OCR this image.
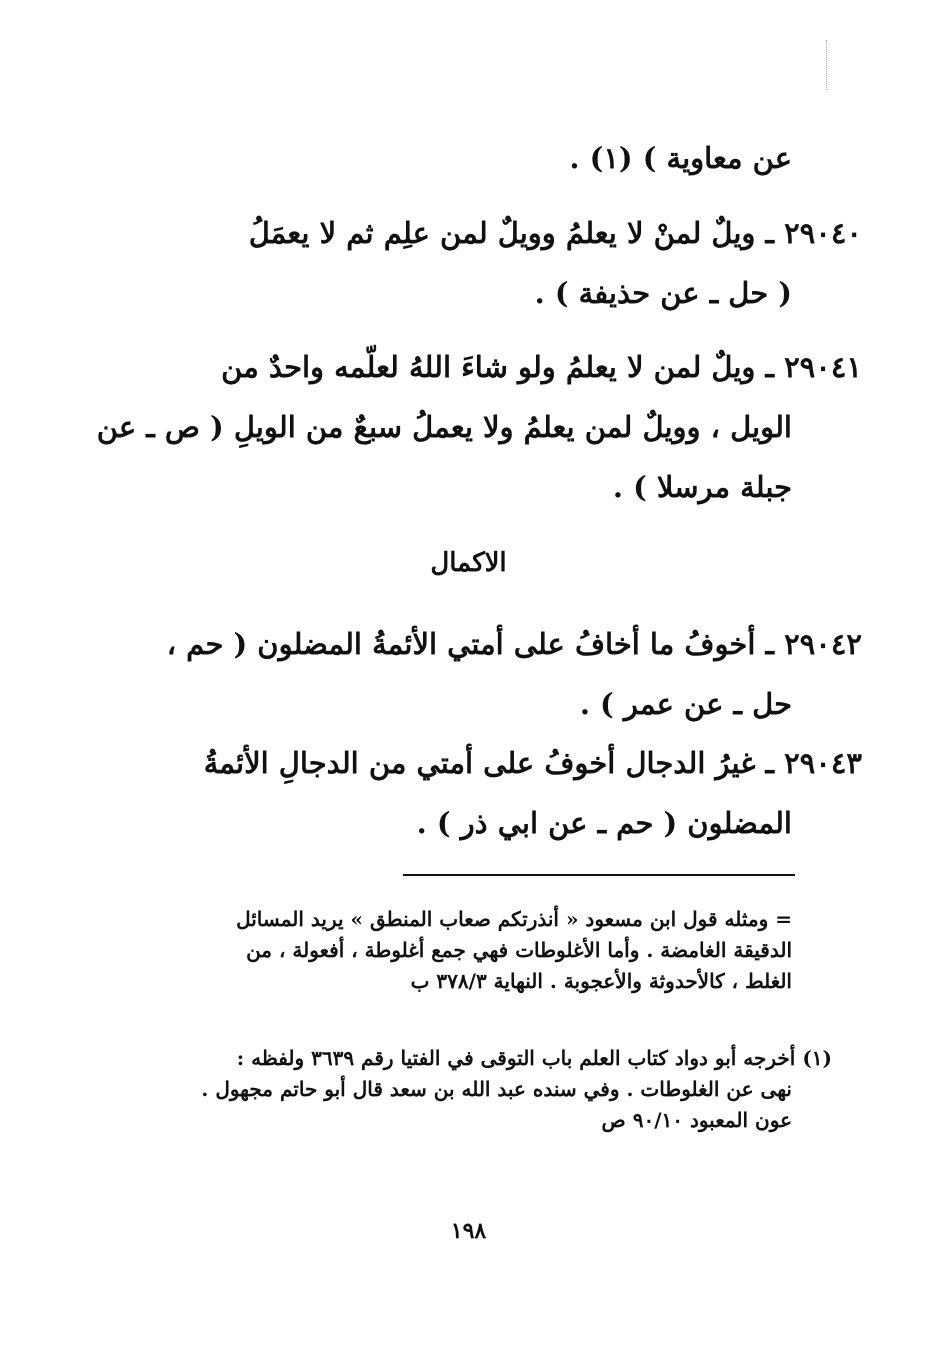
عن معاوية ) (١) .
٢٩٠٤٠ ـ ويلٌ لمنْ لا يعلمُ وويلٌ لمن علِم ثم لا يعمَلُ
( حل ـ عن حذيفة ) .
٢٩٠٤١ ـ ويلٌ لمن لا يعلمُ ولو شاءَ اللهُ لعلّمه واحدٌ من
الويل ، وويلٌ لمن يعلمُ ولا يعملُ سبعٌ من الويلِ ( ص ـ عن
جبلة مرسلا ) .
الاكمال
٢٩٠٤٢ ـ أخوفُ ما أخافُ على أمتي الأئمةُ المضلون ( حم ،
حل ـ عن عمر ) .
٢٩٠٤٣ ـ غيرُ الدجال أخوفُ على أمتي من الدجالِ الأئمةُ
المضلون ( حم ـ عن ابي ذر ) .
= ومثله قول ابن مسعود « أنذرتكم صعاب المنطق » يريد المسائل
الدقيقة الغامضة . وأما الأغلوطات فهي جمع أغلوطة ، أفعولة ، من
الغلط ، كالأحدوثة والأعجوبة . النهاية ٣٧٨/٣ ب
(١) أخرجه أبو دواد كتاب العلم باب التوقى في الفتيا رقم ٣٦٣٩ ولفظه :
نهى عن الغلوطات . وفي سنده عبد الله بن سعد قال أبو حاتم مجهول .
عون المعبود ٩٠/١٠ ص
١٩٨
